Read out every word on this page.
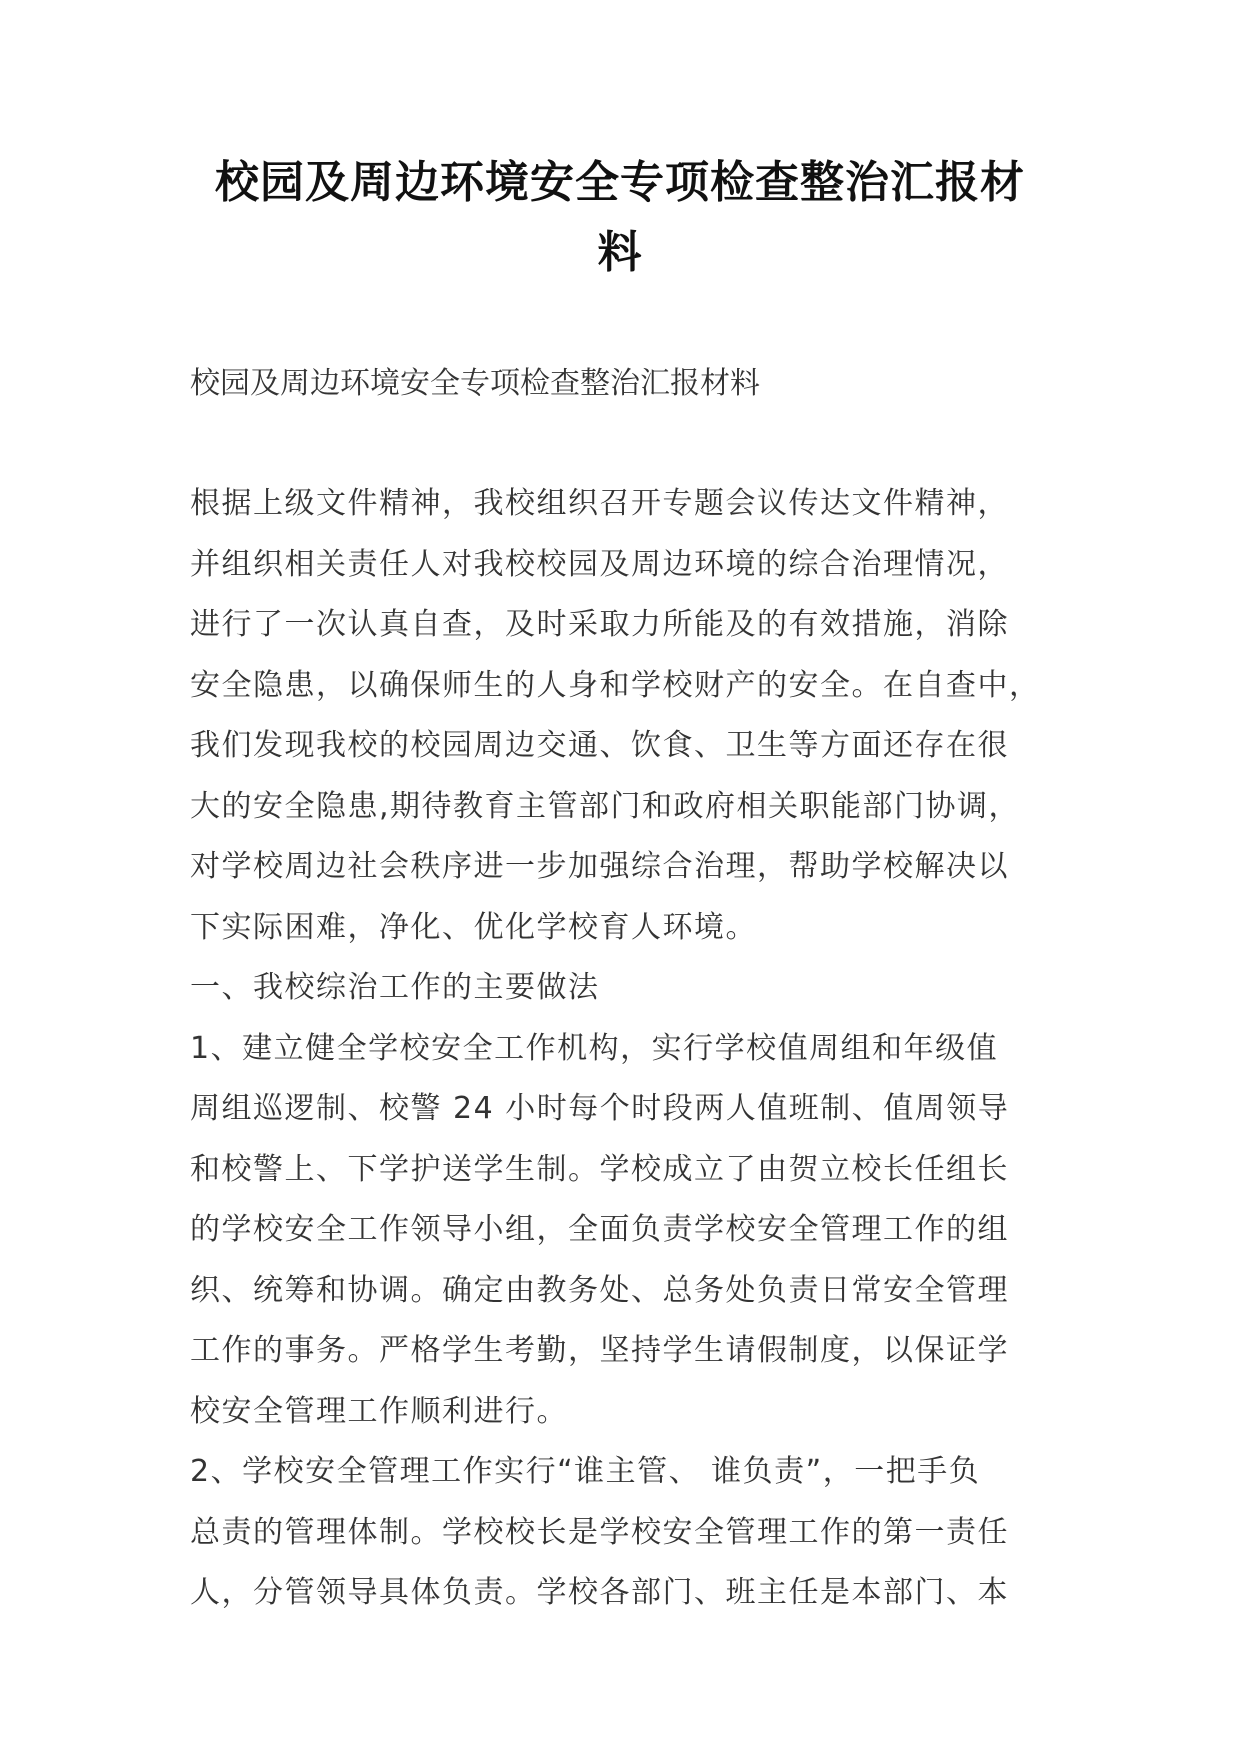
校园及周边环境安全专项检查整治汇报材
料

校园及周边环境安全专项检查整治汇报材料

根据上级文件精神，我校组织召开专题会议传达文件精神，
并组织相关责任人对我校校园及周边环境的综合治理情况，
进行了一次认真自查，及时采取力所能及的有效措施，消除
安全隐患，以确保师生的人身和学校财产的安全。在自查中，
我们发现我校的校园周边交通、饮食、卫生等方面还存在很
大的安全隐患,期待教育主管部门和政府相关职能部门协调，
对学校周边社会秩序进一步加强综合治理，帮助学校解决以
下实际困难，净化、优化学校育人环境。
一、我校综治工作的主要做法
1、建立健全学校安全工作机构，实行学校值周组和年级值
周组巡逻制、校警 24 小时每个时段两人值班制、值周领导
和校警上、下学护送学生制。学校成立了由贺立校长任组长
的学校安全工作领导小组，全面负责学校安全管理工作的组
织、统筹和协调。确定由教务处、总务处负责日常安全管理
工作的事务。严格学生考勤，坚持学生请假制度，以保证学
校安全管理工作顺利进行。
2、学校安全管理工作实行“谁主管、 谁负责”，一把手负
总责的管理体制。学校校长是学校安全管理工作的第一责任
人，分管领导具体负责。学校各部门、班主任是本部门、本
